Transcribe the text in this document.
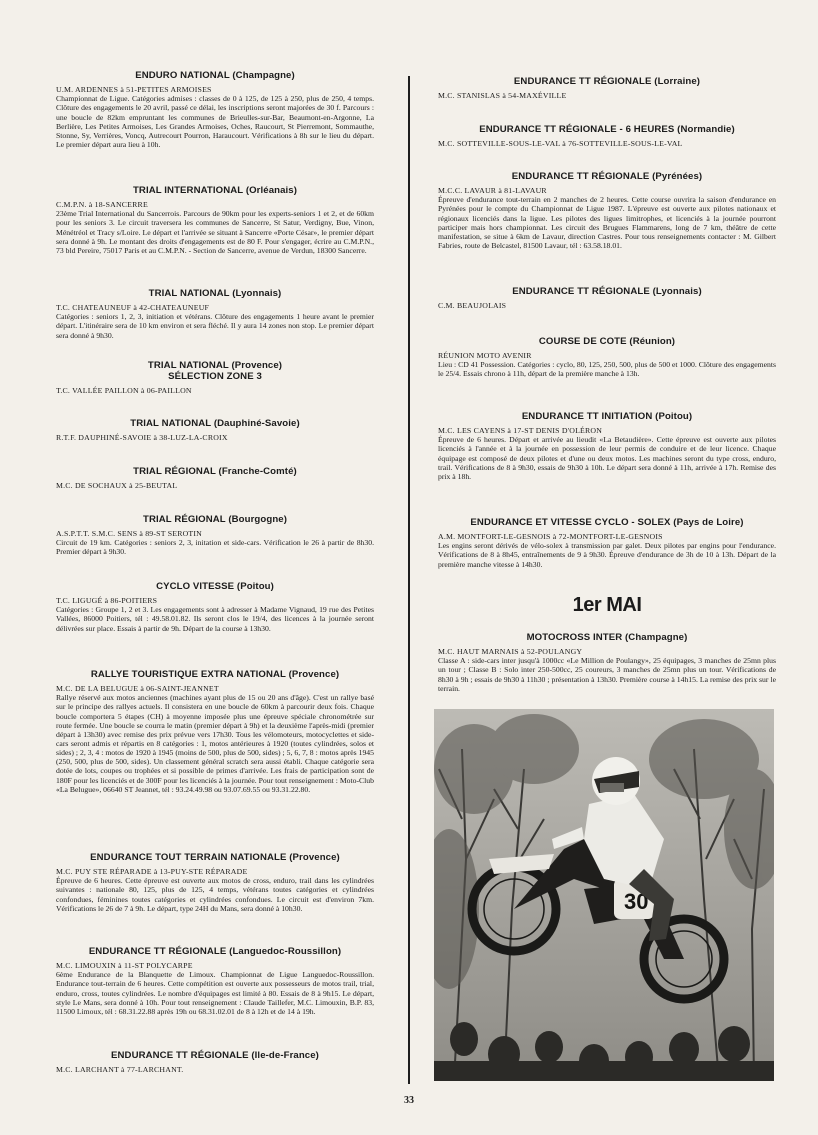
ENDURO NATIONAL (Champagne)
U.M. ARDENNES à 51-PETITES ARMOISES

Championnat de Ligue. Catégories admises : classes de 0 à 125, de 125 à 250, plus de 250, 4 temps. Clôture des engagements le 20 avril, passé ce délai, les inscriptions seront majorées de 30 f. Parcours : une boucle de 82km empruntant les communes de Brieulles-sur-Bar, Beaumont-en-Argonne, La Berlière, Les Petites Armoises, Les Grandes Armoises, Oches, Raucourt, St Pierremont, Sommauthe, Stonne, Sy, Verrières, Voncq, Autrecourt Pourron, Haraucourt. Vérifications à 8h sur le lieu du départ. Le premier départ aura lieu à 10h.

TRIAL INTERNATIONAL (Orléanais)
C.M.P.N. à 18-SANCERRE

23ème Trial International du Sancerrois. Parcours de 90km pour les experts-seniors 1 et 2, et de 60km pour les seniors 3. Le circuit traversera les communes de Sancerre, St Satur, Verdigny, Bue, Vinon, Ménétréol et Tracy s/Loire. Le départ et l'arrivée se situant à Sancerre «Porte César», le premier départ sera donné à 9h. Le montant des droits d'engagements est de 80 F. Pour s'engager, écrire au C.M.P.N., 73 bld Pereire, 75017 Paris et au C.M.P.N. - Section de Sancerre, avenue de Verdun, 18300 Sancerre.

TRIAL NATIONAL (Lyonnais)
T.C. CHATEAUNEUF à 42-CHATEAUNEUF

Catégories : seniors 1, 2, 3, initiation et vétérans. Clôture des engagements 1 heure avant le premier départ. L'itinéraire sera de 10 km environ et sera fléché. Il y aura 14 zones non stop. Le premier départ sera donné à 9h30.

TRIAL NATIONAL (Provence)
SÉLECTION ZONE 3
T.C. VALLÉE PAILLON à 06-PAILLON
TRIAL NATIONAL (Dauphiné-Savoie)
R.T.F. DAUPHINÉ-SAVOIE à 38-LUZ-LA-CROIX
TRIAL RÉGIONAL (Franche-Comté)
M.C. DE SOCHAUX à 25-BEUTAL
TRIAL RÉGIONAL (Bourgogne)
A.S.P.T.T. S.M.C. SENS à 89-ST SEROTIN

Circuit de 19 km. Catégories : seniors 2, 3, initation et side-cars. Vérification le 26 à partir de 8h30. Premier départ à 9h30.

CYCLO VITESSE (Poitou)
T.C. LIGUGÉ à 86-POITIERS

Catégories : Groupe 1, 2 et 3. Les engagements sont à adresser à Madame Vignaud, 19 rue des Petites Vallées, 86000 Poitiers, tél : 49.58.01.82. Ils seront clos le 19/4, des licences à la journée seront délivrées sur place. Essais à partir de 9h. Départ de la course à 13h30.

RALLYE TOURISTIQUE EXTRA NATIONAL (Provence)
M.C. DE LA BELUGUE à 06-SAINT-JEANNET

Rallye réservé aux motos anciennes (machines ayant plus de 15 ou 20 ans d'âge). C'est un rallye basé sur le principe des rallyes actuels. Il consistera en une boucle de 60km à parcourir deux fois. Chaque boucle comportera 5 étapes (CH) à moyenne imposée plus une épreuve spéciale chronométrée sur route fermée. Une boucle se courra le matin (premier départ à 9h) et la deuxième l'après-midi (premier départ à 13h30) avec remise des prix prévue vers 17h30. Tous les vélomoteurs, motocyclettes et side-cars seront admis et répartis en 8 catégories : 1, motos antérieures à 1920 (toutes cylindrées, solos et sides) ; 2, 3, 4 : motos de 1920 à 1945 (moins de 500, plus de 500, sides) ; 5, 6, 7, 8 : motos après 1945 (250, 500, plus de 500, sides). Un classement général scratch sera aussi établi. Chaque catégorie sera dotée de lots, coupes ou trophées et si possible de primes d'arrivée. Les frais de participation sont de 180F pour les licenciés et de 300F pour les licenciés à la journée. Pour tout renseignement : Moto-Club «La Belugue», 06640 ST Jeannet, tél : 93.24.49.98 ou 93.07.69.55 ou 93.31.22.80.

ENDURANCE TOUT TERRAIN NATIONALE (Provence)
M.C. PUY STE RÉPARADE à 13-PUY-STE RÉPARADE

Épreuve de 6 heures. Cette épreuve est ouverte aux motos de cross, enduro, trail dans les cylindrées suivantes : nationale 80, 125, plus de 125, 4 temps, vétérans toutes catégories et cylindrées confondues, féminines toutes catégories et cylindrées confondues. Le circuit est d'environ 7km. Vérifications le 26 de 7 à 9h. Le départ, type 24H du Mans, sera donné à 10h30.

ENDURANCE TT RÉGIONALE (Languedoc-Roussillon)
M.C. LIMOUXIN à 11-ST POLYCARPE

6ème Endurance de la Blanquette de Limoux. Championnat de Ligue Languedoc-Roussillon. Endurance tout-terrain de 6 heures. Cette compétition est ouverte aux possesseurs de motos trail, trial, enduro, cross, toutes cylindrées. Le nombre d'équipages est limité à 80. Essais de 8 à 9h15. Le départ, style Le Mans, sera donné à 10h. Pour tout renseignement : Claude Taillefer, M.C. Limouxin, B.P. 83, 11500 Limoux, tél : 68.31.22.88 après 19h ou 68.31.02.01 de 8 à 12h et de 14 à 19h.

ENDURANCE TT RÉGIONALE (Ile-de-France)
M.C. LARCHANT à 77-LARCHANT.
ENDURANCE TT RÉGIONALE (Lorraine)
M.C. STANISLAS à 54-MAXÉVILLE
ENDURANCE TT RÉGIONALE - 6 HEURES (Normandie)
M.C. SOTTEVILLE-SOUS-LE-VAL à 76-SOTTEVILLE-SOUS-LE-VAL
ENDURANCE TT RÉGIONALE (Pyrénées)
M.C.C. LAVAUR à 81-LAVAUR

Épreuve d'endurance tout-terrain en 2 manches de 2 heures. Cette course ouvrira la saison d'endurance en Pyrénées pour le compte du Championnat de Ligue 1987. L'épreuve est ouverte aux pilotes nationaux et régionaux licenciés dans la ligue. Les pilotes des ligues limitrophes, et licenciés à la journée pourront participer mais hors championnat. Les circuit des Brugues Flammarens, long de 7 km, théâtre de cette manifestation, se situe à 6km de Lavaur, direction Castres. Pour tous renseignements contacter : M. Gilbert Fabries, route de Belcastel, 81500 Lavaur, tél : 63.58.18.01.

ENDURANCE TT RÉGIONALE (Lyonnais)
C.M. BEAUJOLAIS
COURSE DE COTE (Réunion)
RÉUNION MOTO AVENIR

Lieu : CD 41 Possession. Catégories : cyclo, 80, 125, 250, 500, plus de 500 et 1000. Clôture des engagements le 25/4. Essais chrono à 11h, départ de la première manche à 13h.

ENDURANCE TT INITIATION (Poitou)
M.C. LES CAYENS à 17-ST DENIS D'OLÉRON

Épreuve de 6 heures. Départ et arrivée au lieudit «La Betaudière». Cette épreuve est ouverte aux pilotes licenciés à l'année et à la journée en possession de leur permis de conduire et de leur licence. Chaque équipage est composé de deux pilotes et d'une ou deux motos. Les machines seront du type cross, enduro, trail. Vérifications de 8 à 9h30, essais de 9h30 à 10h. Le départ sera donné à 11h, arrivée à 17h. Remise des prix à 18h.

ENDURANCE ET VITESSE CYCLO - SOLEX (Pays de Loire)
A.M. MONTFORT-LE-GESNOIS à 72-MONTFORT-LE-GESNOIS

Les engins seront dérivés de vélo-solex à transmission par galet. Deux pilotes par engins pour l'endurance. Vérifications de 8 à 8h45, entraînements de 9 à 9h30. Épreuve d'endurance de 3h de 10 à 13h. Départ de la première manche vitesse à 14h30.

1er MAI
MOTOCROSS INTER (Champagne)
M.C. HAUT MARNAIS à 52-POULANGY

Classe A : side-cars inter jusqu'à 1000cc «Le Million de Poulangy», 25 équipages, 3 manches de 25mn plus un tour ; Classe B : Solo inter 250-500cc, 25 coureurs, 3 manches de 25mn plus un tour. Vérifications de 8h30 à 9h ; essais de 9h30 à 11h30 ; présentation à 13h30. Première course à 14h15. La remise des prix sur le terrain.

30
33
